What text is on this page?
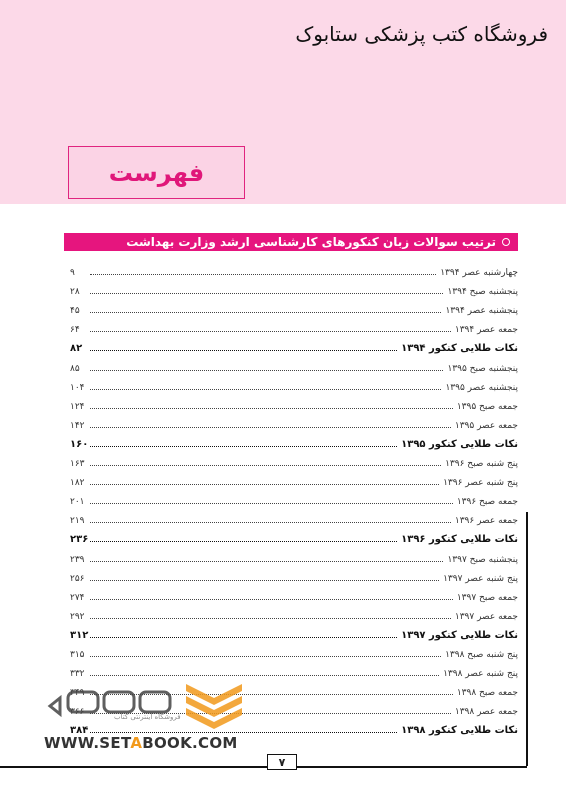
فروشگاه کتب پزشکی ستابوک
فهرست
ترتیب سوالات زبان کنکورهای کارشناسی ارشد وزارت بهداشت
چهارشنبه عصر ۱۳۹۴
۹
پنجشنبه صبح ۱۳۹۴
۲۸
پنجشنبه عصر ۱۳۹۴
۴۵
جمعه عصر ۱۳۹۴
۶۴
نکات طلایی کنکور ۱۳۹۴
۸۲
پنجشنبه صبح ۱۳۹۵
۸۵
پنجشنبه عصر ۱۳۹۵
۱۰۴
جمعه صبح ۱۳۹۵
۱۲۴
جمعه عصر ۱۳۹۵
۱۴۲
نکات طلایی کنکور ۱۳۹۵
۱۶۰
پنج شنبه صبح ۱۳۹۶
۱۶۳
پنج شنبه عصر ۱۳۹۶
۱۸۲
جمعه صبح ۱۳۹۶
۲۰۱
جمعه عصر ۱۳۹۶
۲۱۹
نکات طلایی کنکور ۱۳۹۶
۲۳۶
پنجشنبه صبح ۱۳۹۷
۲۳۹
پنج شنبه عصر ۱۳۹۷
۲۵۶
جمعه صبح ۱۳۹۷
۲۷۴
جمعه عصر ۱۳۹۷
۲۹۲
نکات طلایی کنکور ۱۳۹۷
۳۱۲
پنج شنبه صبح ۱۳۹۸
۳۱۵
پنج شنبه عصر ۱۳۹۸
۳۳۲
جمعه صبح ۱۳۹۸
۳۴۹
جمعه عصر ۱۳۹۸
۳۶۶
نکات طلایی کنکور ۱۳۹۸
۳۸۴
۷
فروشگاه اینترنتی کتاب
WWW.SETABOOK.COM
